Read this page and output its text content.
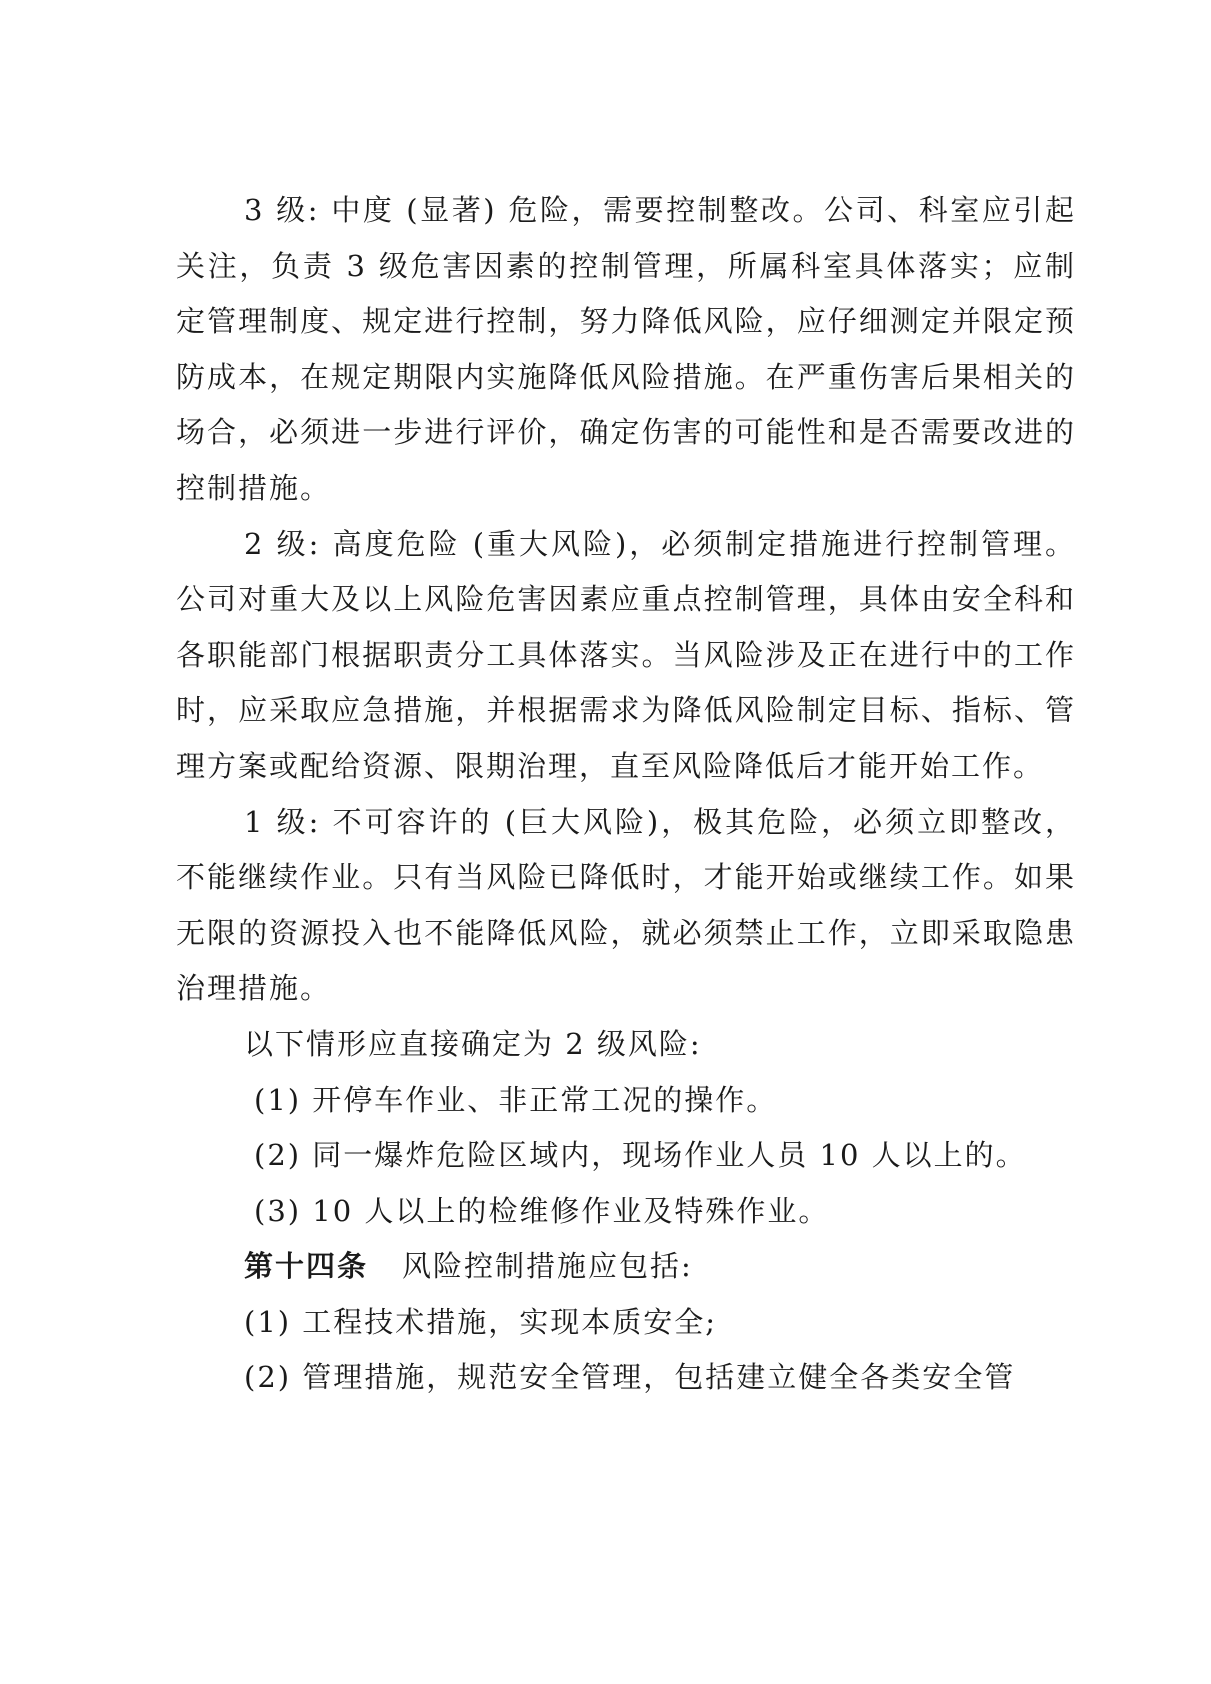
3 级: 中度 (显著) 危险，需要控制整改。公司、科室应引起关注，负责 3 级危害因素的控制管理，所属科室具体落实；应制定管理制度、规定进行控制，努力降低风险，应仔细测定并限定预防成本，在规定期限内实施降低风险措施。在严重伤害后果相关的场合，必须进一步进行评价，确定伤害的可能性和是否需要改进的控制措施。

2 级: 高度危险 (重大风险)，必须制定措施进行控制管理。公司对重大及以上风险危害因素应重点控制管理，具体由安全科和各职能部门根据职责分工具体落实。当风险涉及正在进行中的工作时，应采取应急措施，并根据需求为降低风险制定目标、指标、管理方案或配给资源、限期治理，直至风险降低后才能开始工作。

1 级: 不可容许的 (巨大风险)，极其危险，必须立即整改，不能继续作业。只有当风险已降低时，才能开始或继续工作。如果无限的资源投入也不能降低风险，就必须禁止工作，立即采取隐患治理措施。

以下情形应直接确定为 2 级风险:

(1) 开停车作业、非正常工况的操作。

(2) 同一爆炸危险区域内，现场作业人员 10 人以上的。

(3) 10 人以上的检维修作业及特殊作业。

第十四条 风险控制措施应包括:

(1) 工程技术措施，实现本质安全;

(2) 管理措施，规范安全管理，包括建立健全各类安全管
